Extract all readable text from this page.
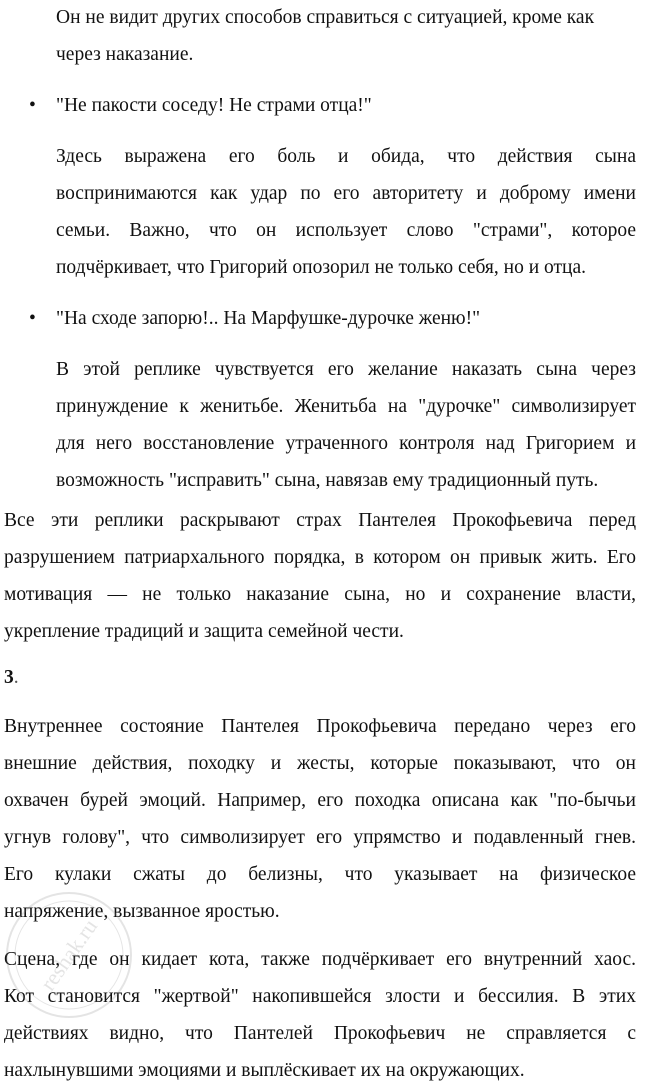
Он не видит других способов справиться с ситуацией, кроме как

через наказание.

• "Не пакости соседу! Не страми отца!"

Здесь выражена его боль и обида, что действия сына

воспринимаются как удар по его авторитету и доброму имени

семьи. Важно, что он использует слово "страми", которое

подчёркивает, что Григорий опозорил не только себя, но и отца.

• "На сходе запорю!.. На Марфушке-дурочке женю!"

В этой реплике чувствуется его желание наказать сына через

принуждение к женитьбе. Женитьба на "дурочке" символизирует

для него восстановление утраченного контроля над Григорием и

возможность "исправить" сына, навязав ему традиционный путь.

Все эти реплики раскрывают страх Пантелея Прокофьевича перед

разрушением патриархального порядка, в котором он привык жить. Его

мотивация — не только наказание сына, но и сохранение власти,

укрепление традиций и защита семейной чести.

3.

Внутреннее состояние Пантелея Прокофьевича передано через его

внешние действия, походку и жесты, которые показывают, что он

охвачен бурей эмоций. Например, его походка описана как "по-бычьи

угнув голову", что символизирует его упрямство и подавленный гнев.

Его кулаки сжаты до белизны, что указывает на физическое

напряжение, вызванное яростью.

Сцена, где он кидает кота, также подчёркивает его внутренний хаос.

Кот становится "жертвой" накопившейся злости и бессилия. В этих

действиях видно, что Пантелей Прокофьевич не справляется с

нахлынувшими эмоциями и выплёскивает их на окружающих.

reshak.ru
